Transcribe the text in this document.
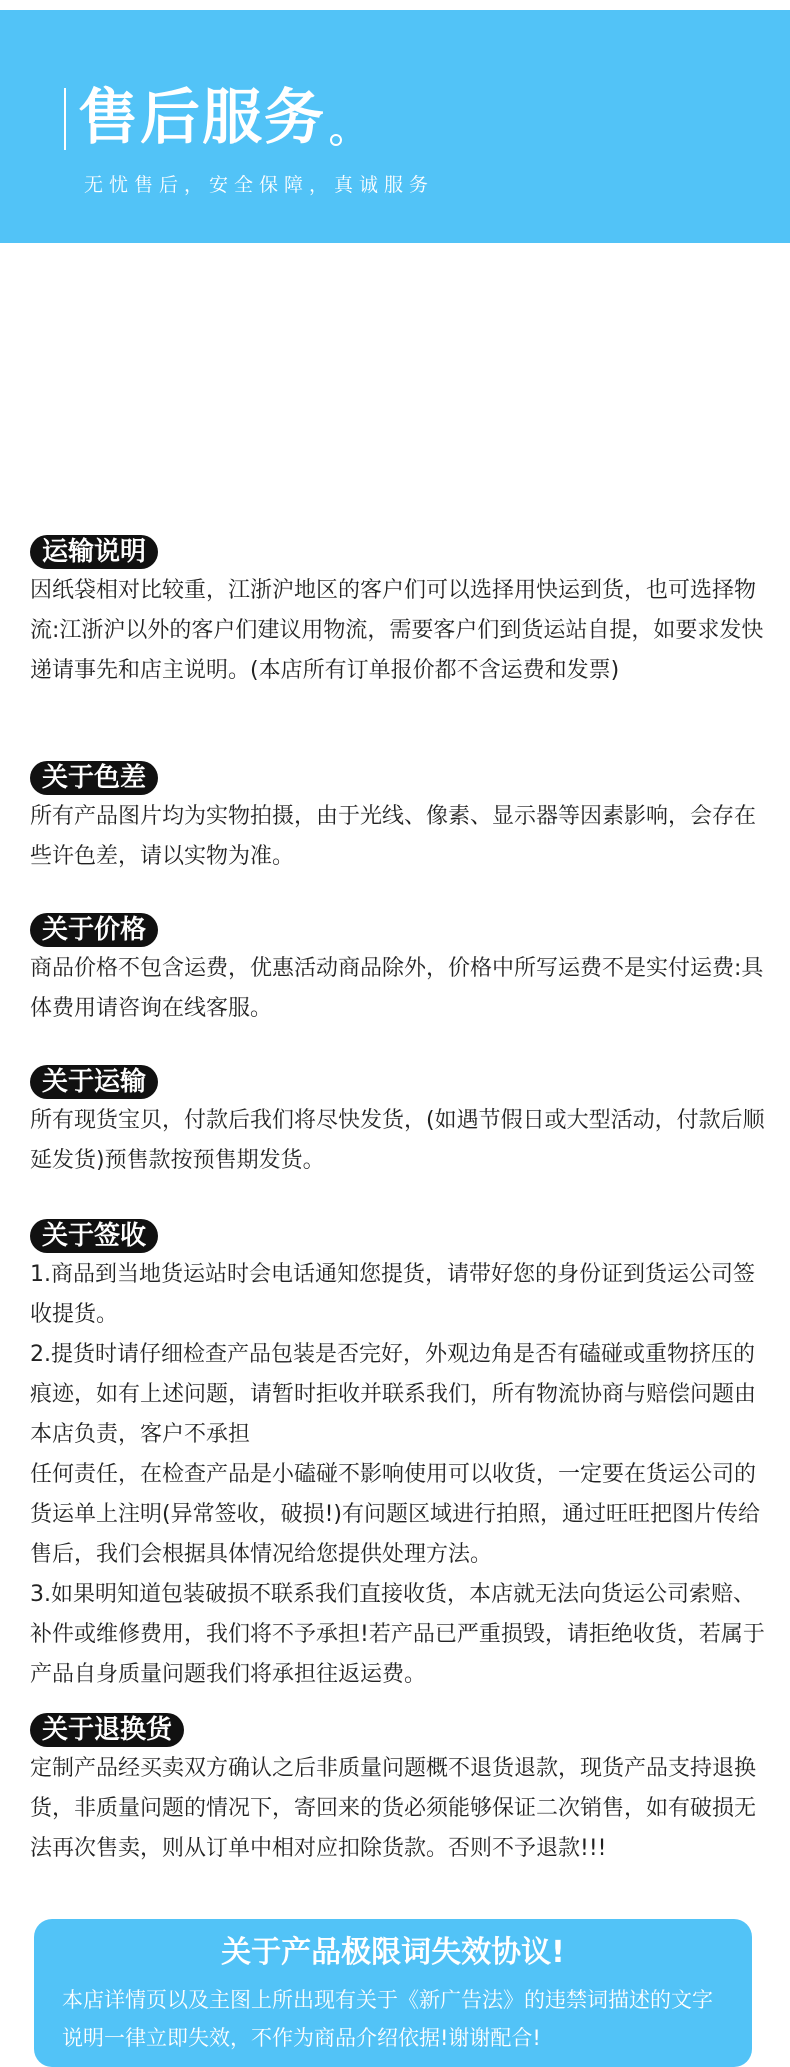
售后服务
无忧售后，安全保障，真诚服务
运输说明

因纸袋相对比较重，江浙沪地区的客户们可以选择用快运到货，也可选择物流:江浙沪以外的客户们建议用物流，需要客户们到货运站自提，如要求发快递请事先和店主说明。(本店所有订单报价都不含运费和发票)

关于色差

所有产品图片均为实物拍摄，由于光线、像素、显示器等因素影响，会存在些许色差，请以实物为准。

关于价格

商品价格不包含运费，优惠活动商品除外，价格中所写运费不是实付运费:具体费用请咨询在线客服。

关于运输

所有现货宝贝，付款后我们将尽快发货，(如遇节假日或大型活动，付款后顺延发货)预售款按预售期发货。

关于签收

1.商品到当地货运站时会电话通知您提货，请带好您的身份证到货运公司签收提货。

2.提货时请仔细检查产品包装是否完好，外观边角是否有磕碰或重物挤压的痕迹，如有上述问题，请暂时拒收并联系我们，所有物流协商与赔偿问题由本店负责，客户不承担

任何责任，在检查产品是小磕碰不影响使用可以收货，一定要在货运公司的货运单上注明(异常签收，破损!)有问题区域进行拍照，通过旺旺把图片传给售后，我们会根据具体情况给您提供处理方法。

3.如果明知道包装破损不联系我们直接收货，本店就无法向货运公司索赔、补件或维修费用，我们将不予承担!若产品已严重损毁，请拒绝收货，若属于产品自身质量问题我们将承担往返运费。

关于退换货

定制产品经买卖双方确认之后非质量问题概不退货退款，现货产品支持退换货，非质量问题的情况下，寄回来的货必须能够保证二次销售，如有破损无法再次售卖，则从订单中相对应扣除货款。否则不予退款!!!

关于产品极限词失效协议!
本店详情页以及主图上所出现有关于《新广告法》的违禁词描述的文字说明一律立即失效，不作为商品介绍依据!谢谢配合!
